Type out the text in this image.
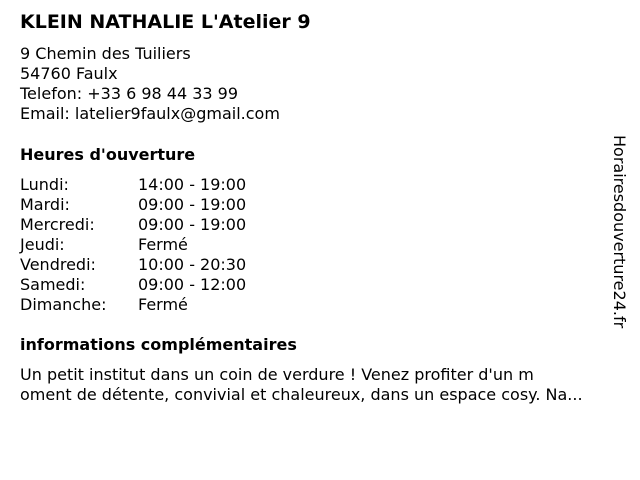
KLEIN NATHALIE L'Atelier 9
9 Chemin des Tuiliers
54760 Faulx
Telefon: +33 6 98 44 33 99
Email: latelier9faulx@gmail.com
Heures d'ouverture
Lundi:	14:00 - 19:00
Mardi:	09:00 - 19:00
Mercredi:	09:00 - 19:00
Jeudi:	Fermé
Vendredi:	10:00 - 20:30
Samedi:	09:00 - 12:00
Dimanche:	Fermé
informations complémentaires
Un petit institut dans un coin de verdure ! Venez profiter d'un m
oment de détente, convivial et chaleureux, dans un espace cosy. Na...
Horairesdouverture24.fr
